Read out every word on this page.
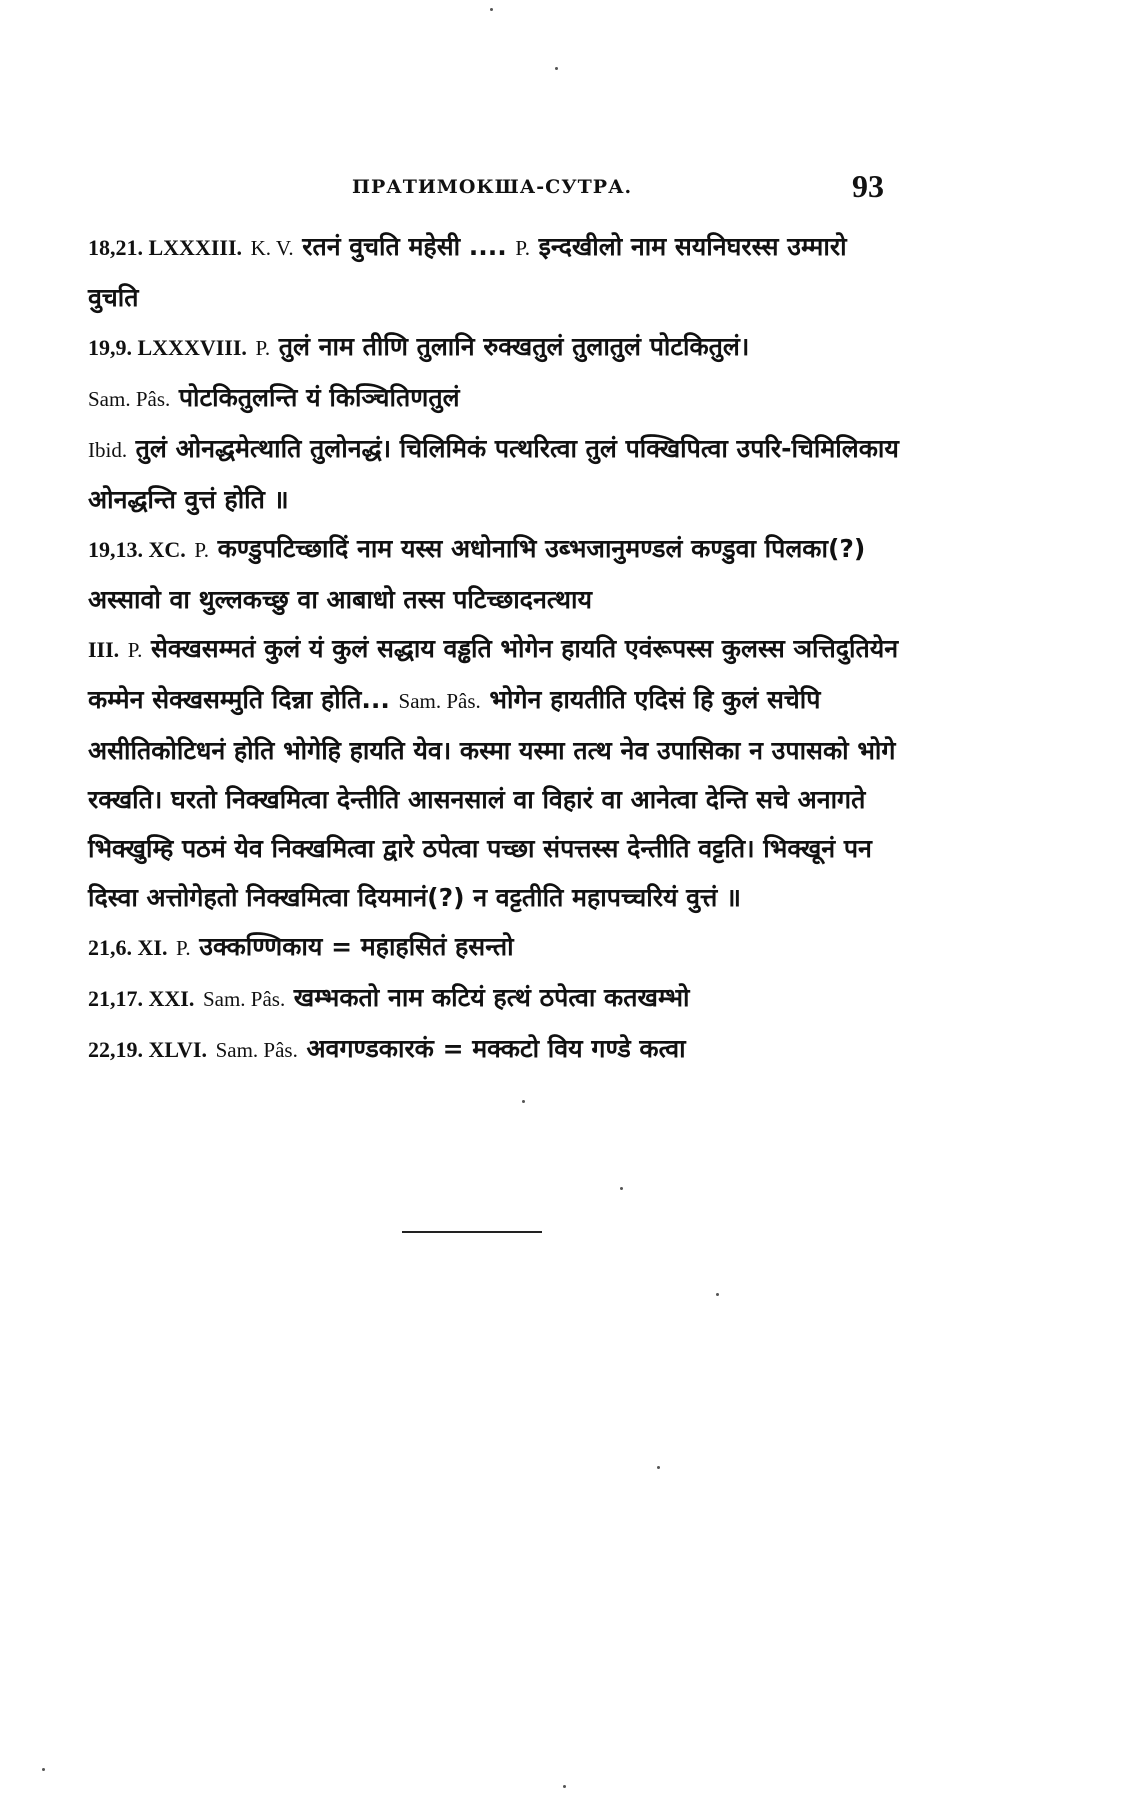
ПРАТИМОКША-СУТРА.	93

18,21. LXXXIII. K. V. रतनं वुचति महेसी .... P. इन्दखीलो नाम सयनिघरस्स उम्मारो वुचति

19,9. LXXXVIII. P. तुलं नाम तीणि तुलानि रुक्खतुलं तुलातुलं पोटकितुलं।

Sam. Pâs. पोटकितुलन्ति यं किञ्चितिणतुलं

Ibid. तुलं ओनद्धमेत्थाति तुलोनद्धं। चिलिमिकं पत्थरित्वा तुलं पक्खिपित्वा उपरि-चिमिलिकाय ओनद्धन्ति वुत्तं होति ॥

19,13. XC. P. कण्डुपटिच्छादिं नाम यस्स अधोनाभि उब्भजानुमण्डलं कण्डुवा पिलका(?) अस्सावो वा थुल्लकच्छु वा आबाधो तस्स पटिच्छादनत्थाय

III. P. सेक्खसम्मतं कुलं यं कुलं सद्धाय वड्ढति भोगेन हायति एवंरूपस्स कुलस्स ञत्तिदुतियेन कम्मेन सेक्खसम्मुति दिन्ना होति... Sam. Pâs. भोगेन हायतीति एदिसं हि कुलं सचेपि असीतिकोटिधनं होति भोगेहि हायति येव। कस्मा यस्मा तत्थ नेव उपासिका न उपासको भोगे रक्खति। घरतो निक्खमित्वा देन्तीति आसनसालं वा विहारं वा आनेत्वा देन्ति सचे अनागते भिक्खुम्हि पठमं येव निक्खमित्वा द्वारे ठपेत्वा पच्छा संपत्तस्स देन्तीति वट्टति। भिक्खूनं पन दिस्वा अत्तोगेहतो निक्खमित्वा दियमानं(?) न वट्टतीति महापच्चरियं वुत्तं ॥

21,6. XI. P. उक्कण्णिकाय = महाहसितं हसन्तो

21,17. XXI. Sam. Pâs. खम्भकतो नाम कटियं हत्थं ठपेत्वा कतखम्भो

22,19. XLVI. Sam. Pâs. अवगण्डकारकं = मक्कटो विय गण्डे कत्वा
